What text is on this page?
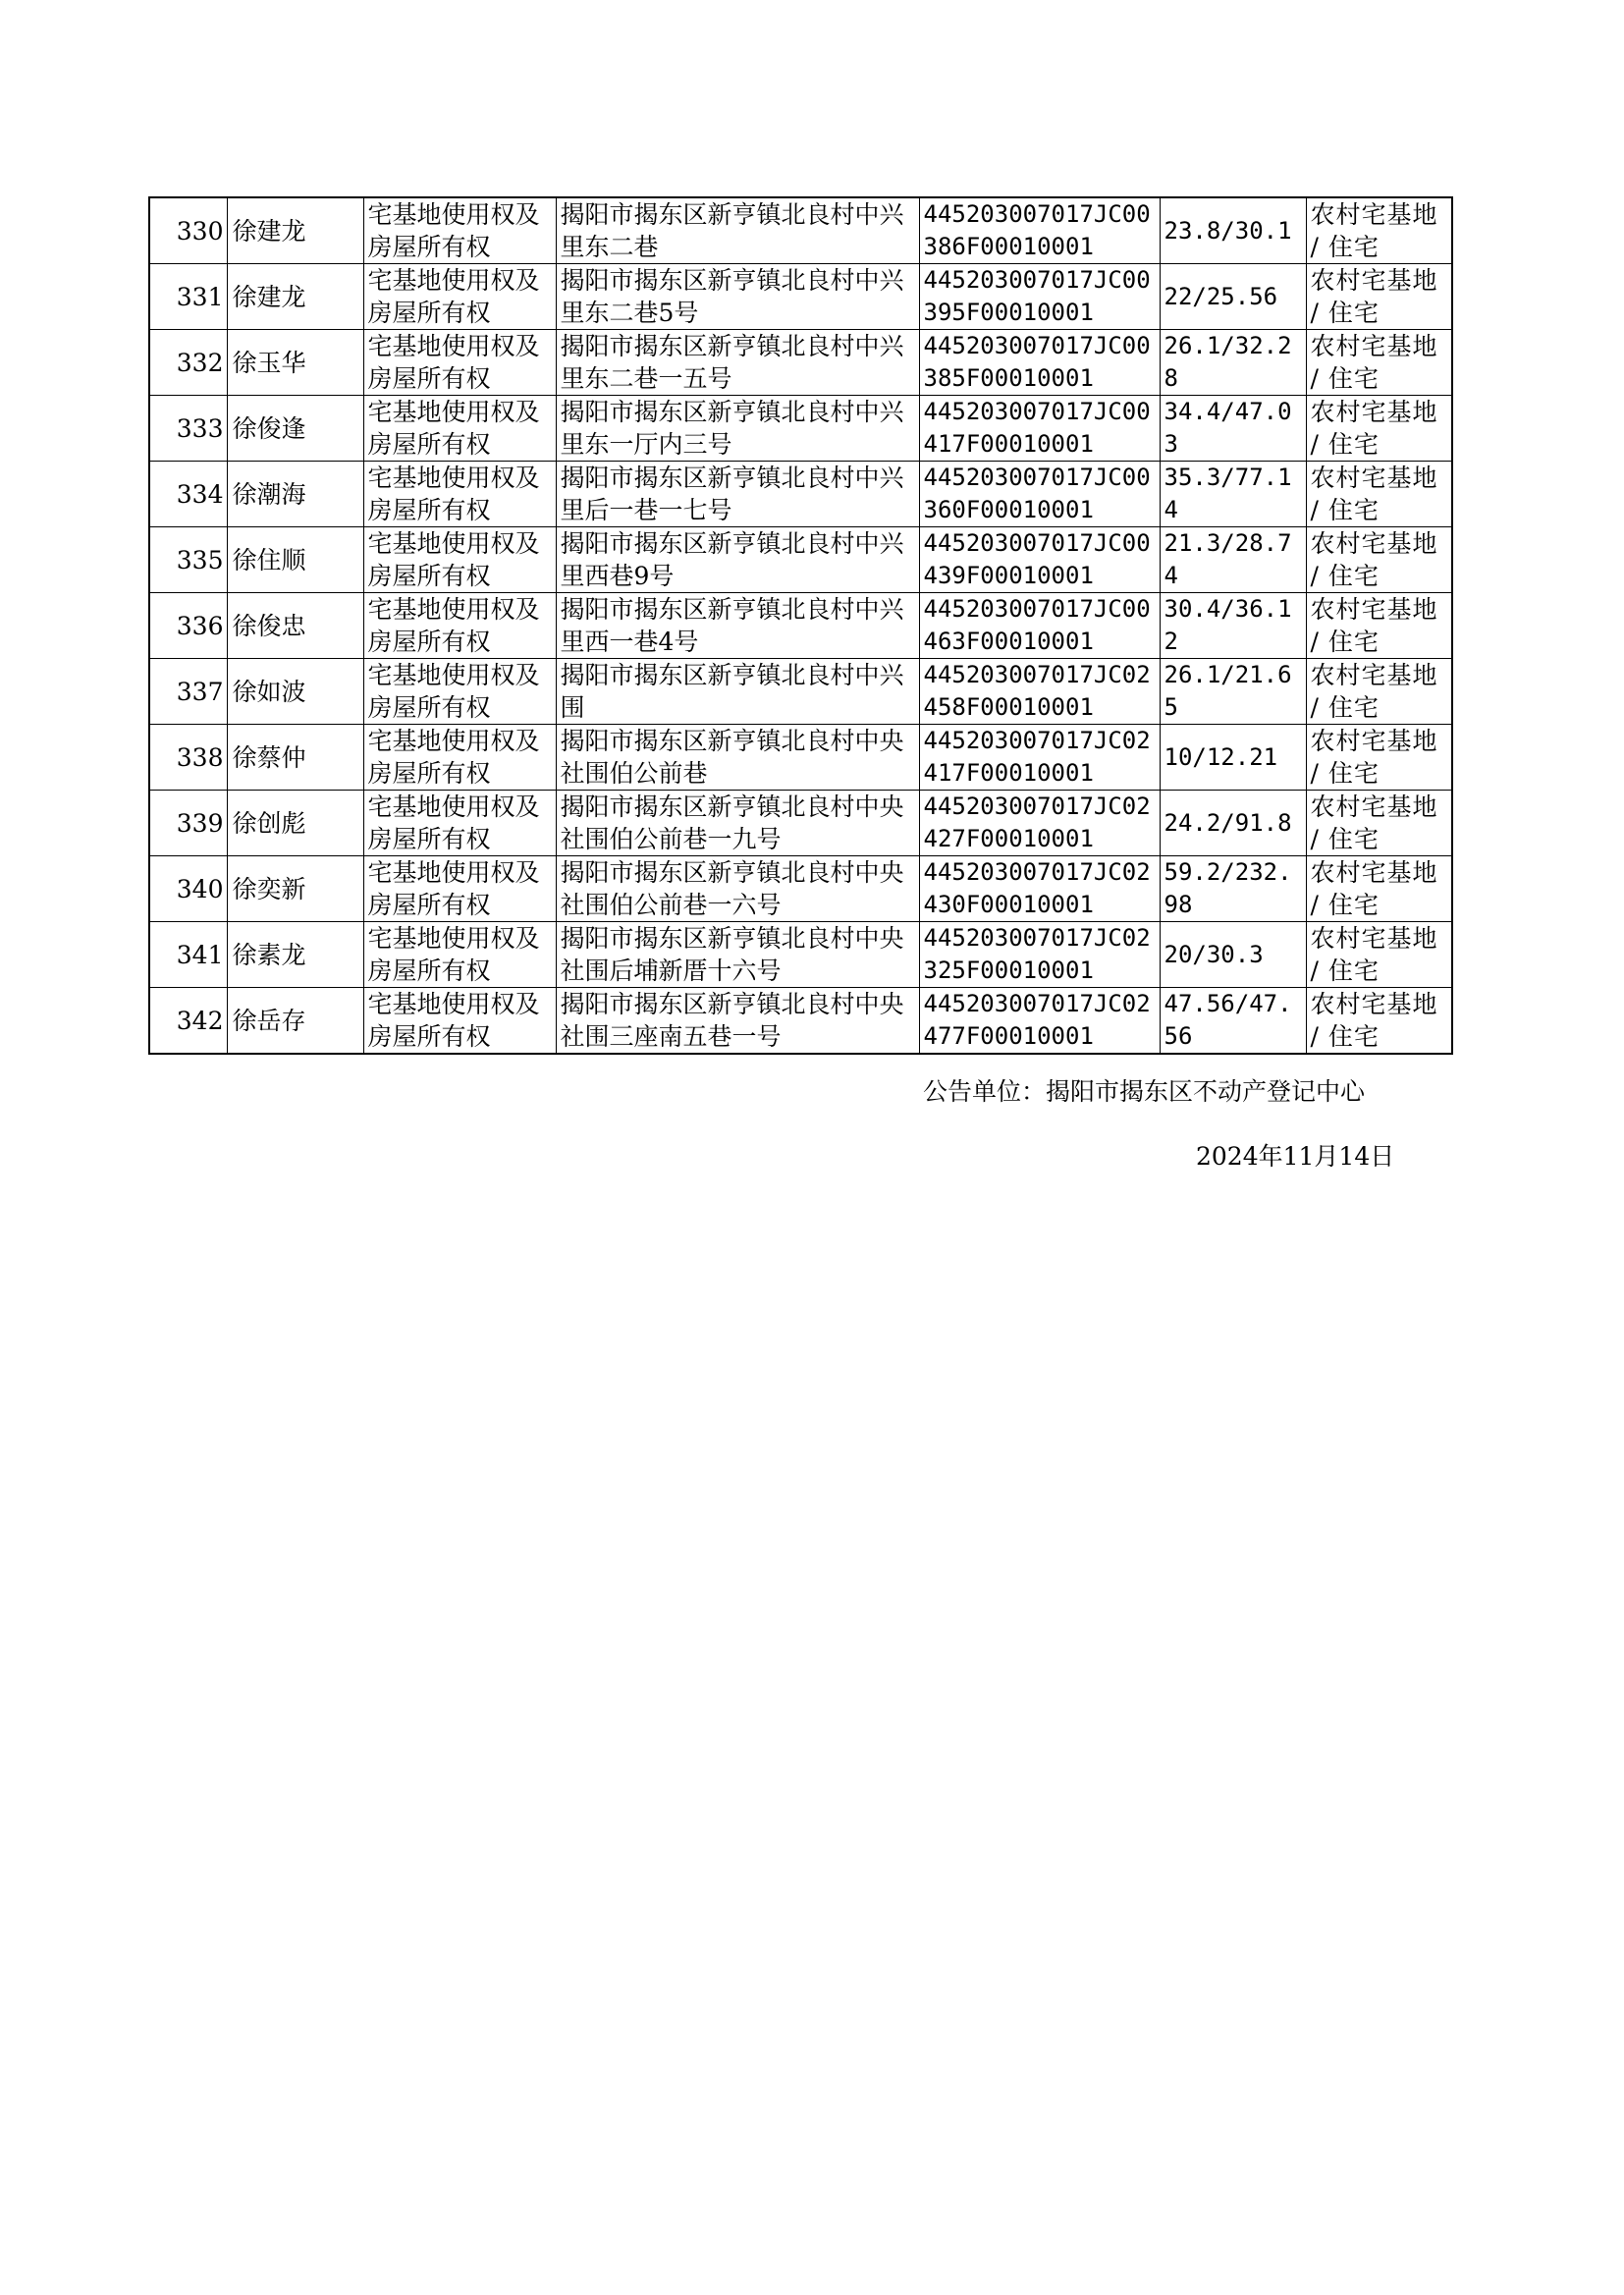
330	徐建龙	宅基地使用权及房屋所有权	揭阳市揭东区新亨镇北良村中兴里东二巷	445203007017JC00386F00010001	23.8/30.1	农村宅基地 / 住宅
331	徐建龙	宅基地使用权及房屋所有权	揭阳市揭东区新亨镇北良村中兴里东二巷5号	445203007017JC00395F00010001	22/25.56	农村宅基地 / 住宅
332	徐玉华	宅基地使用权及房屋所有权	揭阳市揭东区新亨镇北良村中兴里东二巷一五号	445203007017JC00385F00010001	26.1/32.28	农村宅基地 / 住宅
333	徐俊逢	宅基地使用权及房屋所有权	揭阳市揭东区新亨镇北良村中兴里东一厅内三号	445203007017JC00417F00010001	34.4/47.03	农村宅基地 / 住宅
334	徐潮海	宅基地使用权及房屋所有权	揭阳市揭东区新亨镇北良村中兴里后一巷一七号	445203007017JC00360F00010001	35.3/77.14	农村宅基地 / 住宅
335	徐住顺	宅基地使用权及房屋所有权	揭阳市揭东区新亨镇北良村中兴里西巷9号	445203007017JC00439F00010001	21.3/28.74	农村宅基地 / 住宅
336	徐俊忠	宅基地使用权及房屋所有权	揭阳市揭东区新亨镇北良村中兴里西一巷4号	445203007017JC00463F00010001	30.4/36.12	农村宅基地 / 住宅
337	徐如波	宅基地使用权及房屋所有权	揭阳市揭东区新亨镇北良村中兴围	445203007017JC02458F00010001	26.1/21.65	农村宅基地 / 住宅
338	徐蔡仲	宅基地使用权及房屋所有权	揭阳市揭东区新亨镇北良村中央社围伯公前巷	445203007017JC02417F00010001	10/12.21	农村宅基地 / 住宅
339	徐创彪	宅基地使用权及房屋所有权	揭阳市揭东区新亨镇北良村中央社围伯公前巷一九号	445203007017JC02427F00010001	24.2/91.8	农村宅基地 / 住宅
340	徐奕新	宅基地使用权及房屋所有权	揭阳市揭东区新亨镇北良村中央社围伯公前巷一六号	445203007017JC02430F00010001	59.2/232.98	农村宅基地 / 住宅
341	徐素龙	宅基地使用权及房屋所有权	揭阳市揭东区新亨镇北良村中央社围后埔新厝十六号	445203007017JC02325F00010001	20/30.3	农村宅基地 / 住宅
342	徐岳存	宅基地使用权及房屋所有权	揭阳市揭东区新亨镇北良村中央社围三座南五巷一号	445203007017JC02477F00010001	47.56/47.56	农村宅基地 / 住宅
公告单位：揭阳市揭东区不动产登记中心
2024年11月14日
